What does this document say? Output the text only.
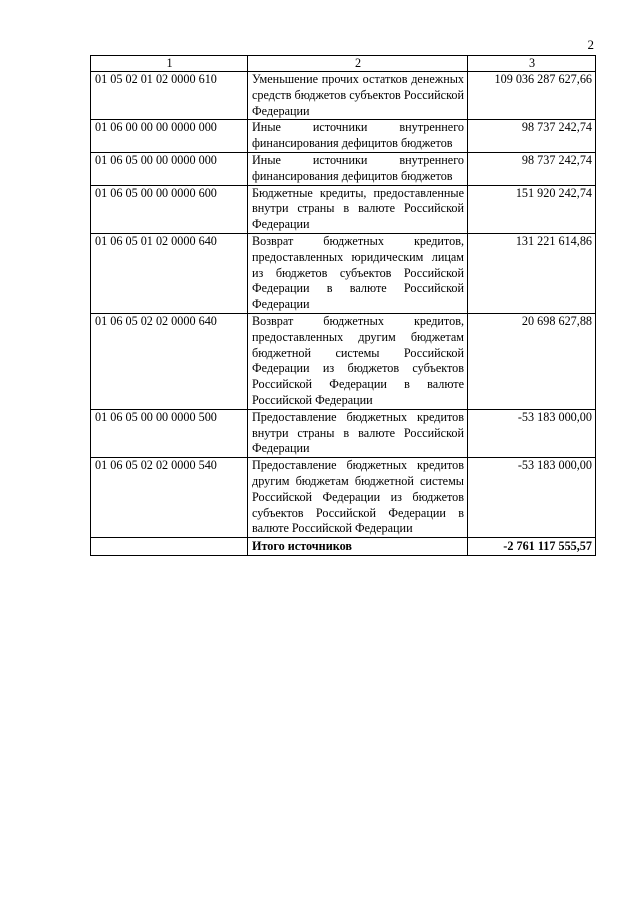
2
1	2	3
01 05 02 01 02 0000 610	Уменьшение прочих остатков денежных средств бюджетов субъектов Российской Федерации	109 036 287 627,66
01 06 00 00 00 0000 000	Иные источники внутреннего финансирования дефицитов бюджетов	98 737 242,74
01 06 05 00 00 0000 000	Иные источники внутреннего финансирования дефицитов бюджетов	98 737 242,74
01 06 05 00 00 0000 600	Бюджетные кредиты, предоставленные внутри страны в валюте Российской Федерации	151 920 242,74
01 06 05 01 02 0000 640	Возврат бюджетных кредитов, предоставленных юридическим лицам из бюджетов субъектов Российской Федерации в валюте Российской Федерации	131 221 614,86
01 06 05 02 02 0000 640	Возврат бюджетных кредитов, предоставленных другим бюджетам бюджетной системы Российской Федерации из бюджетов субъектов Российской Федерации в валюте Российской Федерации	20 698 627,88
01 06 05 00 00 0000 500	Предоставление бюджетных кредитов внутри страны в валюте Российской Федерации	-53 183 000,00
01 06 05 02 02 0000 540	Предоставление бюджетных кредитов другим бюджетам бюджетной системы Российской Федерации из бюджетов субъектов Российской Федерации в валюте Российской Федерации	-53 183 000,00
	Итого источников	-2 761 117 555,57
